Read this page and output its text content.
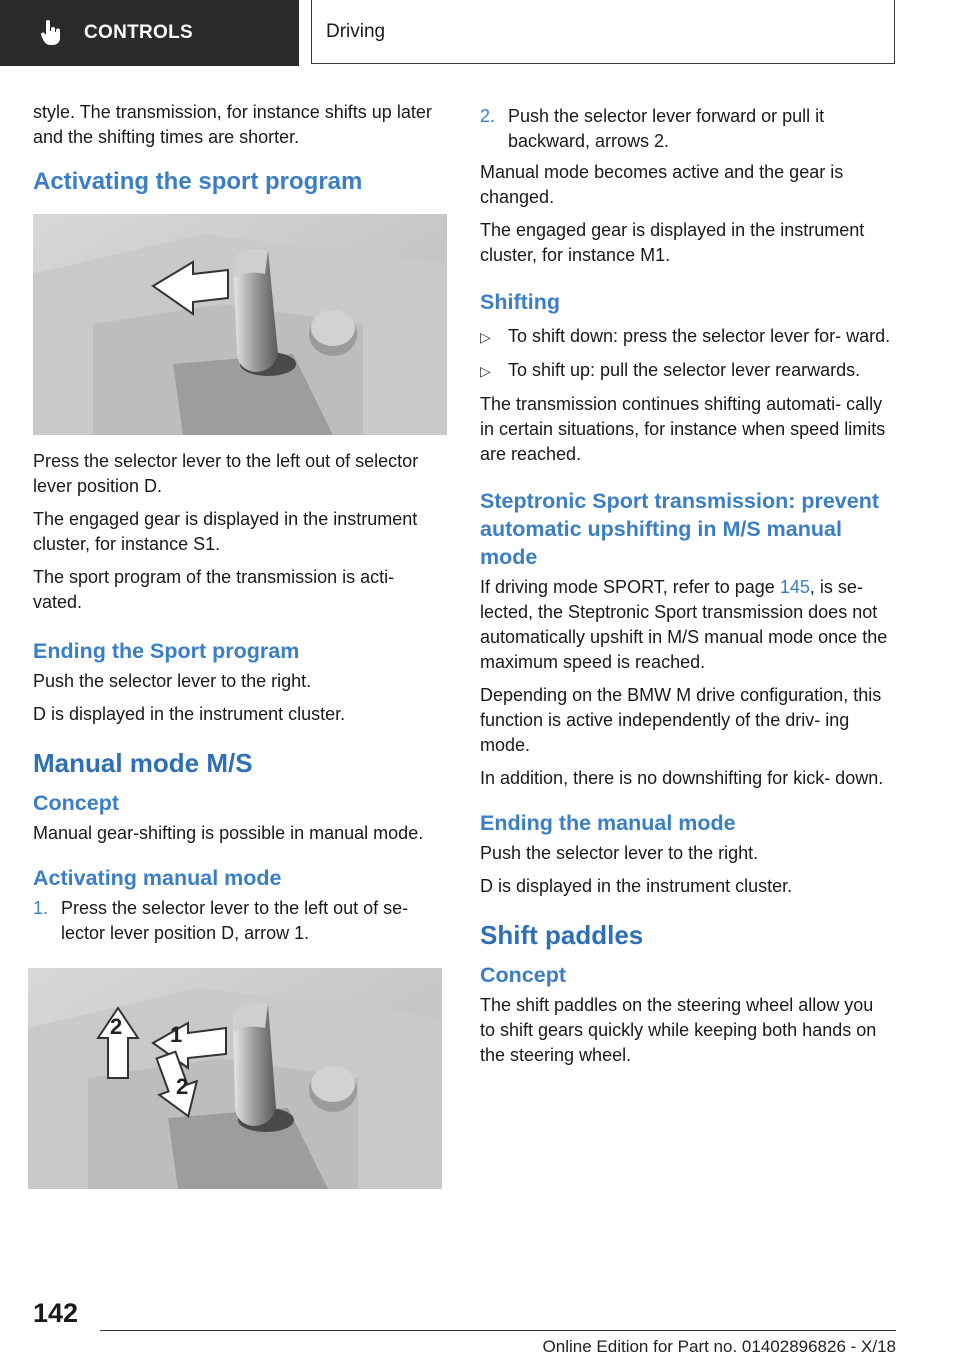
CONTROLS	Driving

style. The transmission, for instance shifts up later and the shifting times are shorter.

Activating the sport program

Press the selector lever to the left out of selector lever position D.

The engaged gear is displayed in the instrument cluster, for instance S1.

The sport program of the transmission is acti‐ vated.

Ending the Sport program

Push the selector lever to the right.

D is displayed in the instrument cluster.

Manual mode M/S
Concept

Manual gear-shifting is possible in manual mode.

Activating manual mode
1. Press the selector lever to the left out of se‐ lector lever position D, arrow 1.
1
2
2
2. Push the selector lever forward or pull it backward, arrows 2.

Manual mode becomes active and the gear is changed.

The engaged gear is displayed in the instrument cluster, for instance M1.

Shifting
▷ To shift down: press the selector lever for‐ ward.
▷ To shift up: pull the selector lever rearwards.

The transmission continues shifting automati‐ cally in certain situations, for instance when speed limits are reached.

Steptronic Sport transmission: prevent automatic upshifting in M/S manual mode

If driving mode SPORT, refer to page 145, is se‐ lected, the Steptronic Sport transmission does not automatically upshift in M/S manual mode once the maximum speed is reached.

Depending on the BMW M drive configuration, this function is active independently of the driv‐ ing mode.

In addition, there is no downshifting for kick‐ down.

Ending the manual mode

Push the selector lever to the right.

D is displayed in the instrument cluster.

Shift paddles
Concept

The shift paddles on the steering wheel allow you to shift gears quickly while keeping both hands on the steering wheel.

142
Online Edition for Part no. 01402896826 - X/18
